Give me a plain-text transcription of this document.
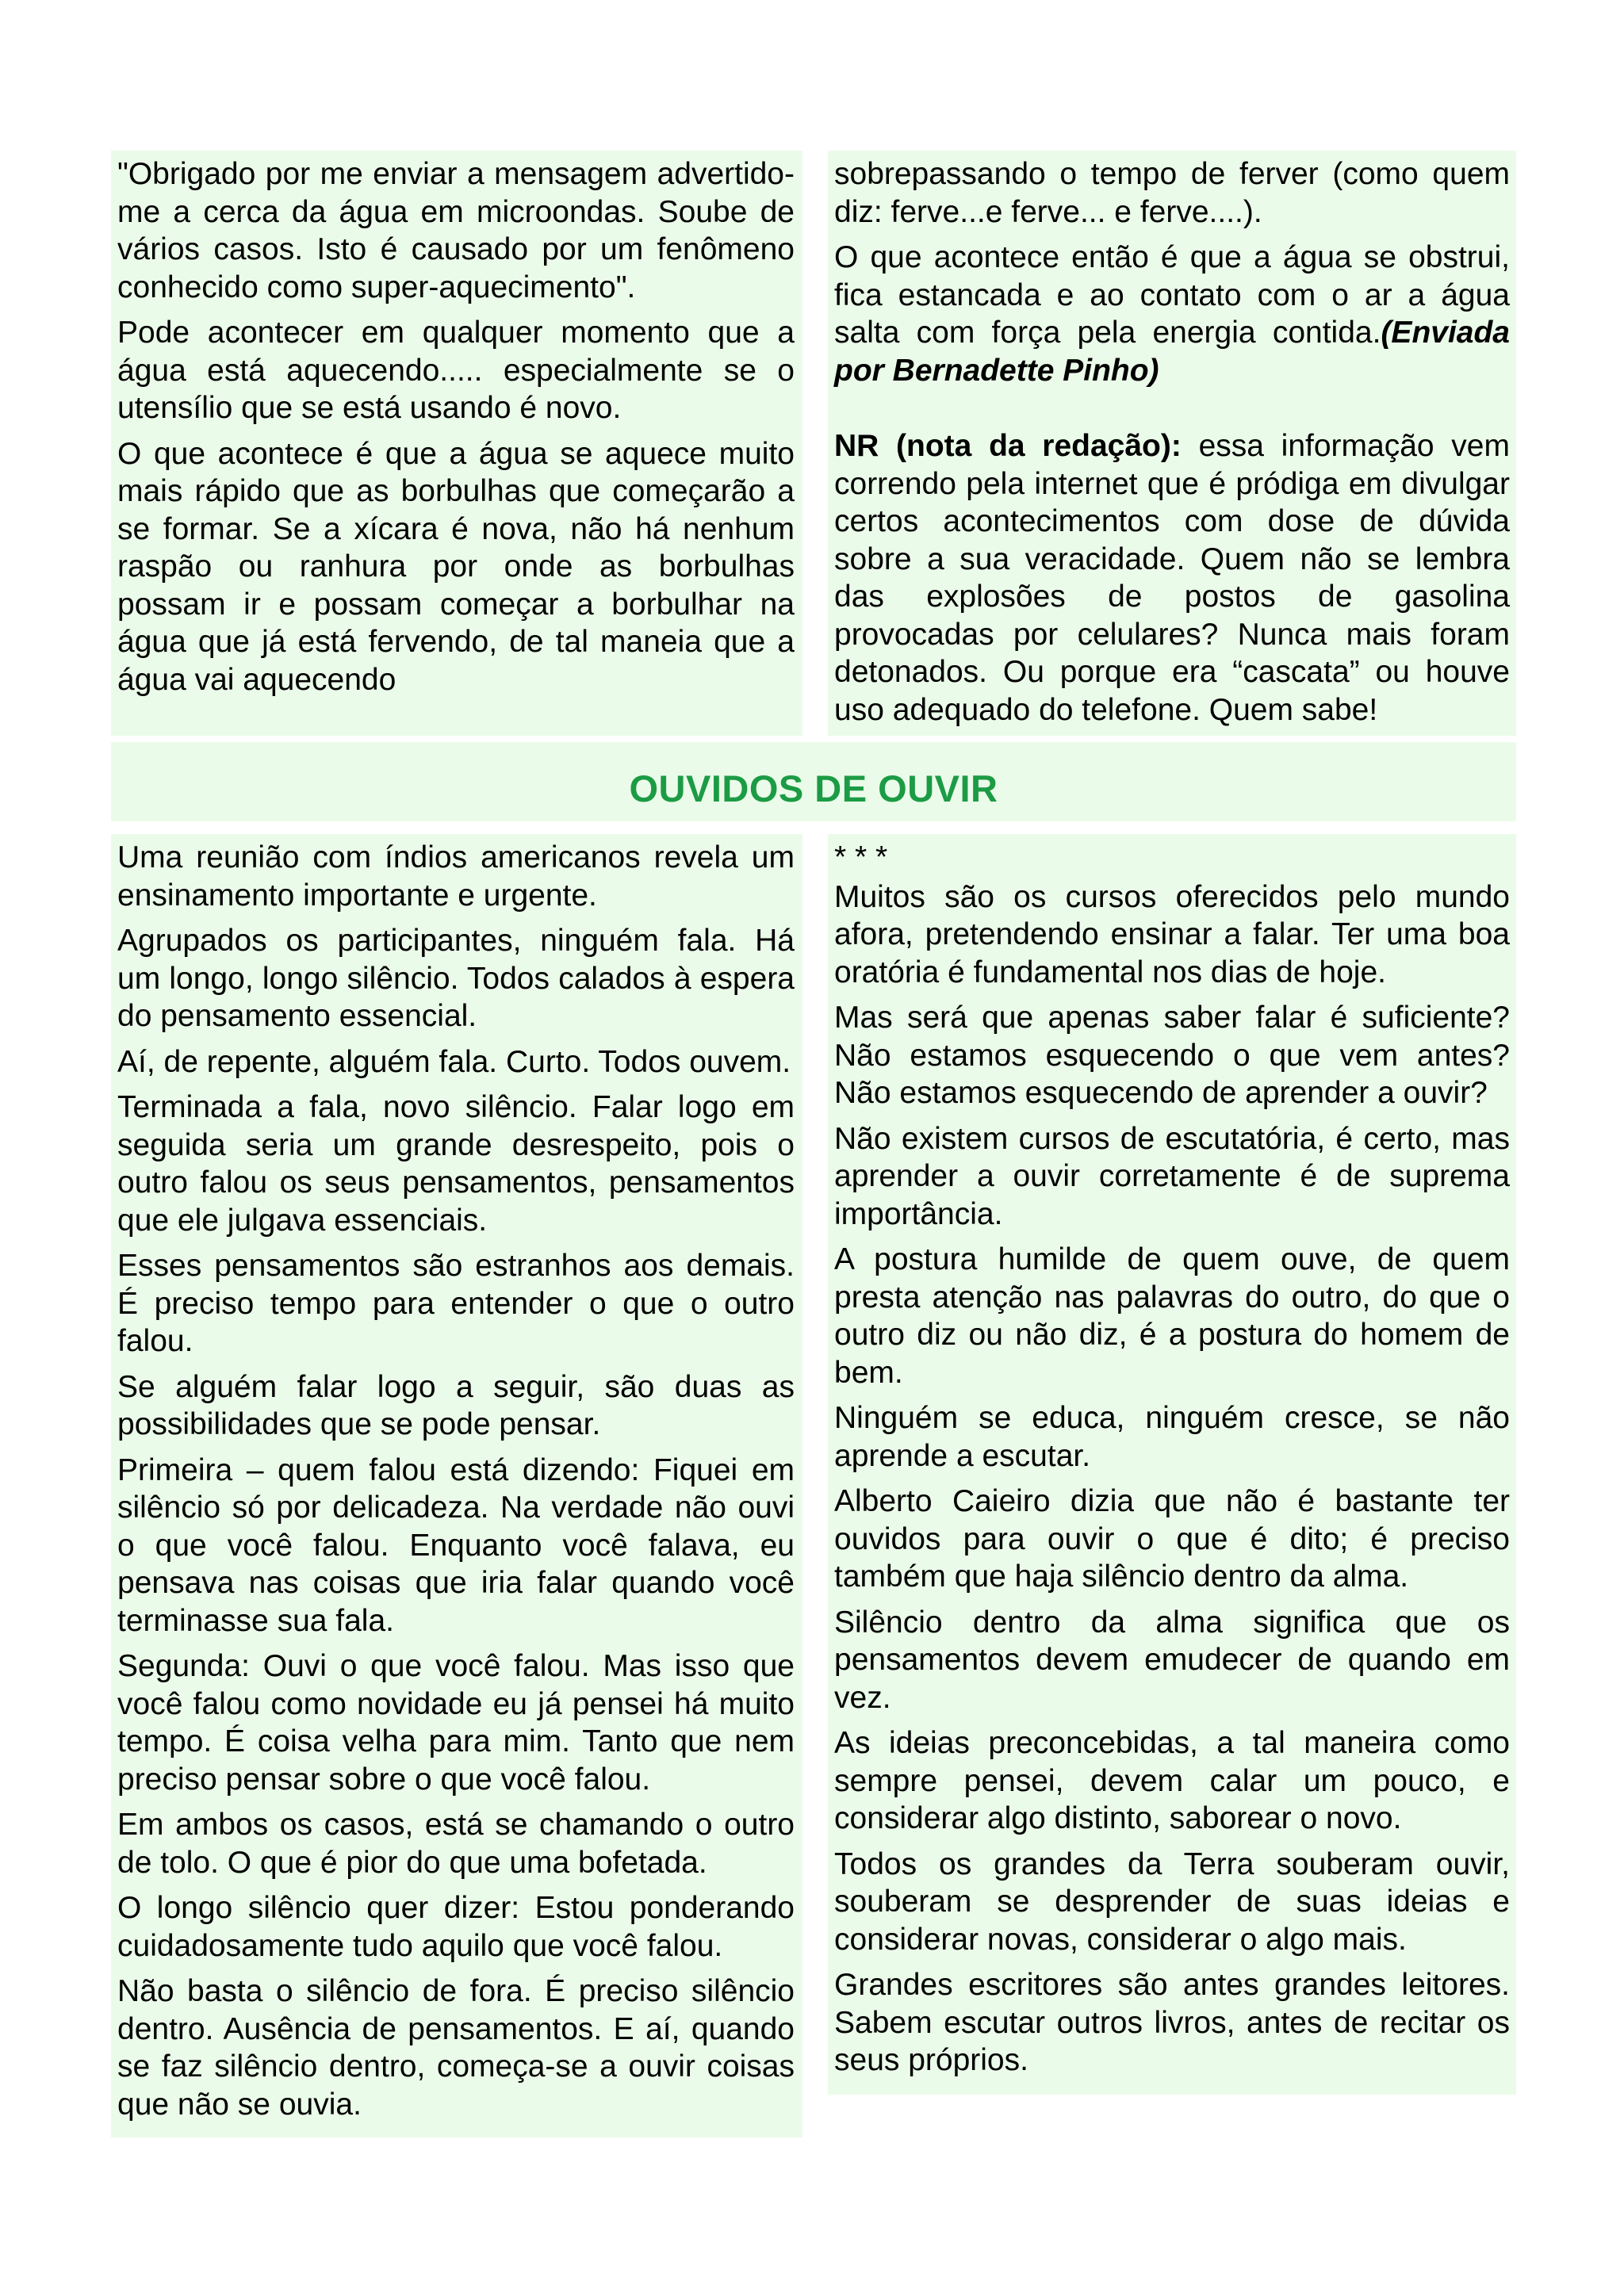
"Obrigado por me enviar a mensagem advertido-me a cerca da água em microondas. Soube de vários casos. Isto é causado por um fenômeno conhecido como super-aquecimento".

Pode acontecer em qualquer momento que a água está aquecendo..... especialmente se o utensílio que se está usando é novo.

O que acontece é que a água se aquece muito mais rápido que as borbulhas que começarão a se formar. Se a xícara é nova, não há nenhum raspão ou ranhura por onde as borbulhas possam ir e possam começar a borbulhar na água que já está fervendo, de tal maneia que a água vai aquecendo

sobrepassando o tempo de ferver (como quem diz: ferve...e ferve... e ferve....).

O que acontece então é que a água se obstrui, fica estancada e ao contato com o ar a água salta com força pela energia contida.(Enviada por Bernadette Pinho)

NR (nota da redação): essa informação vem correndo pela internet que é pródiga em divulgar certos acontecimentos com dose de dúvida sobre a sua veracidade. Quem não se lembra das explosões de postos de gasolina provocadas por celulares? Nunca mais foram detonados. Ou porque era “cascata” ou houve uso adequado do telefone. Quem sabe!

OUVIDOS DE OUVIR

Uma reunião com índios americanos revela um ensinamento importante e urgente.

Agrupados os participantes, ninguém fala. Há um longo, longo silêncio. Todos calados à espera do pensamento essencial.

Aí, de repente, alguém fala. Curto. Todos ouvem.

Terminada a fala, novo silêncio. Falar logo em seguida seria um grande desrespeito, pois o outro falou os seus pensamentos, pensamentos que ele julgava essenciais.

Esses pensamentos são estranhos aos demais. É preciso tempo para entender o que o outro falou.

Se alguém falar logo a seguir, são duas as possibilidades que se pode pensar.

Primeira – quem falou está dizendo: Fiquei em silêncio só por delicadeza. Na verdade não ouvi o que você falou. Enquanto você falava, eu pensava nas coisas que iria falar quando você terminasse sua fala.

Segunda: Ouvi o que você falou. Mas isso que você falou como novidade eu já pensei há muito tempo. É coisa velha para mim. Tanto que nem preciso pensar sobre o que você falou.

Em ambos os casos, está se chamando o outro de tolo. O que é pior do que uma bofetada.

O longo silêncio quer dizer: Estou ponderando cuidadosamente tudo aquilo que você falou.

Não basta o silêncio de fora. É preciso silêncio dentro. Ausência de pensamentos. E aí, quando se faz silêncio dentro, começa-se a ouvir coisas que não se ouvia.

* * *

Muitos são os cursos oferecidos pelo mundo afora, pretendendo ensinar a falar. Ter uma boa oratória é fundamental nos dias de hoje.

Mas será que apenas saber falar é suficiente? Não estamos esquecendo o que vem antes? Não estamos esquecendo de aprender a ouvir?

Não existem cursos de escutatória, é certo, mas aprender a ouvir corretamente é de suprema importância.

A postura humilde de quem ouve, de quem presta atenção nas palavras do outro, do que o outro diz ou não diz, é a postura do homem de bem.

Ninguém se educa, ninguém cresce, se não aprende a escutar.

Alberto Caieiro dizia que não é bastante ter ouvidos para ouvir o que é dito; é preciso também que haja silêncio dentro da alma.

Silêncio dentro da alma significa que os pensamentos devem emudecer de quando em vez.

As ideias preconcebidas, a tal maneira como sempre pensei, devem calar um pouco, e considerar algo distinto, saborear o novo.

Todos os grandes da Terra souberam ouvir, souberam se desprender de suas ideias e considerar novas, considerar o algo mais.

Grandes escritores são antes grandes leitores. Sabem escutar outros livros, antes de recitar os seus próprios.
